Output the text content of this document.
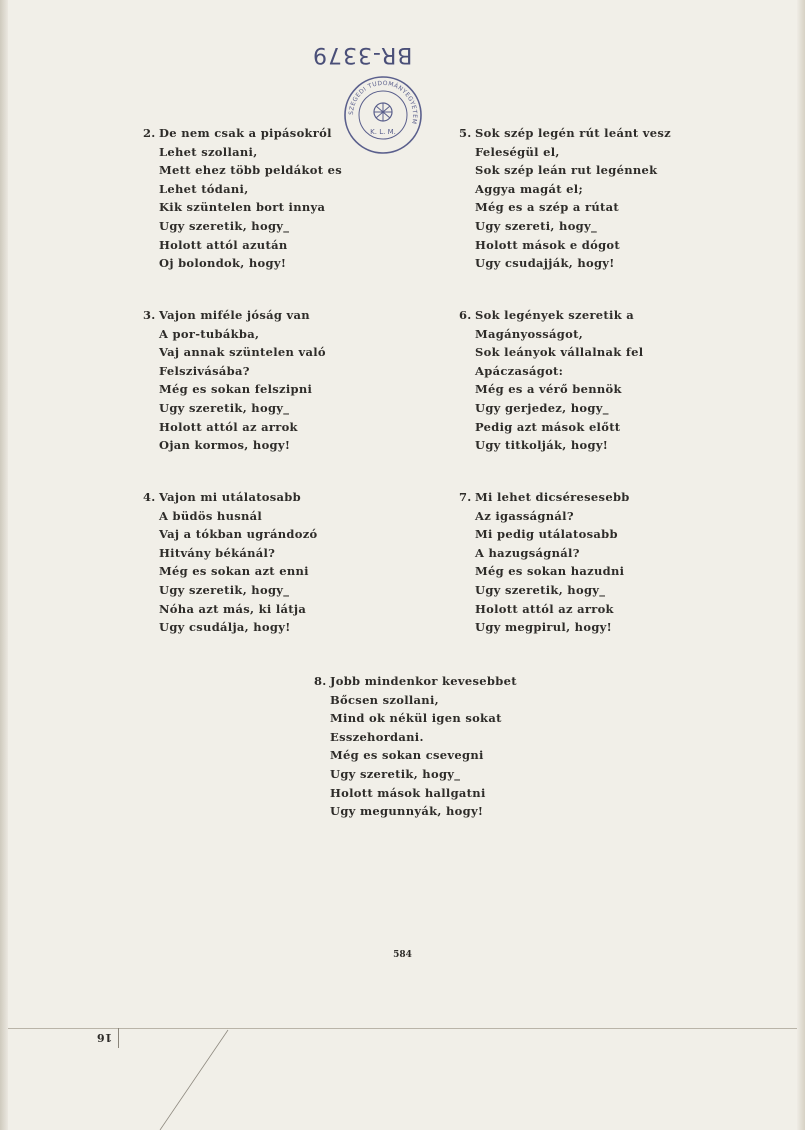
BR-3379
SZEGEDI TUDOMÁNYEGYETEM
K. L. M.
2. De nem csak a pipásokról
Lehet szollani,
Mett ehez több peldákot es
Lehet tódani,
Kik szüntelen bort innya
Ugy szeretik, hogy_
Holott attól azután
Oj bolondok, hogy!
3. Vajon miféle jóság van
A por-tubákba,
Vaj annak szüntelen való
Felszivásába?
Még es sokan felszipni
Ugy szeretik, hogy_
Holott attól az arrok
Ojan kormos, hogy!
4. Vajon mi utálatosabb
A büdös husnál
Vaj a tókban ugrándozó
Hitvány békánál?
Még es sokan azt enni
Ugy szeretik, hogy_
Nóha azt más, ki látja
Ugy csudálja, hogy!
5. Sok szép legén rút leánt vesz
Feleségül el,
Sok szép leán rut legénnek
Aggya magát el;
Még es a szép a rútat
Ugy szereti, hogy_
Holott mások e dógot
Ugy csudajják, hogy!
6. Sok legények szeretik a
Magányosságot,
Sok leányok vállalnak fel
Apáczaságot:
Még es a vérő bennök
Ugy gerjedez, hogy_
Pedig azt mások előtt
Ugy titkolják, hogy!
7. Mi lehet dicséresesebb
Az igasságnál?
Mi pedig utálatosabb
A hazugságnál?
Még es sokan hazudni
Ugy szeretik, hogy_
Holott attól az arrok
Ugy megpirul, hogy!
8. Jobb mindenkor kevesebbet
Bőcsen szollani,
Mind ok nékül igen sokat
Esszehordani.
Még es sokan csevegni
Ugy szeretik, hogy_
Holott mások hallgatni
Ugy megunnyák, hogy!
584
16
